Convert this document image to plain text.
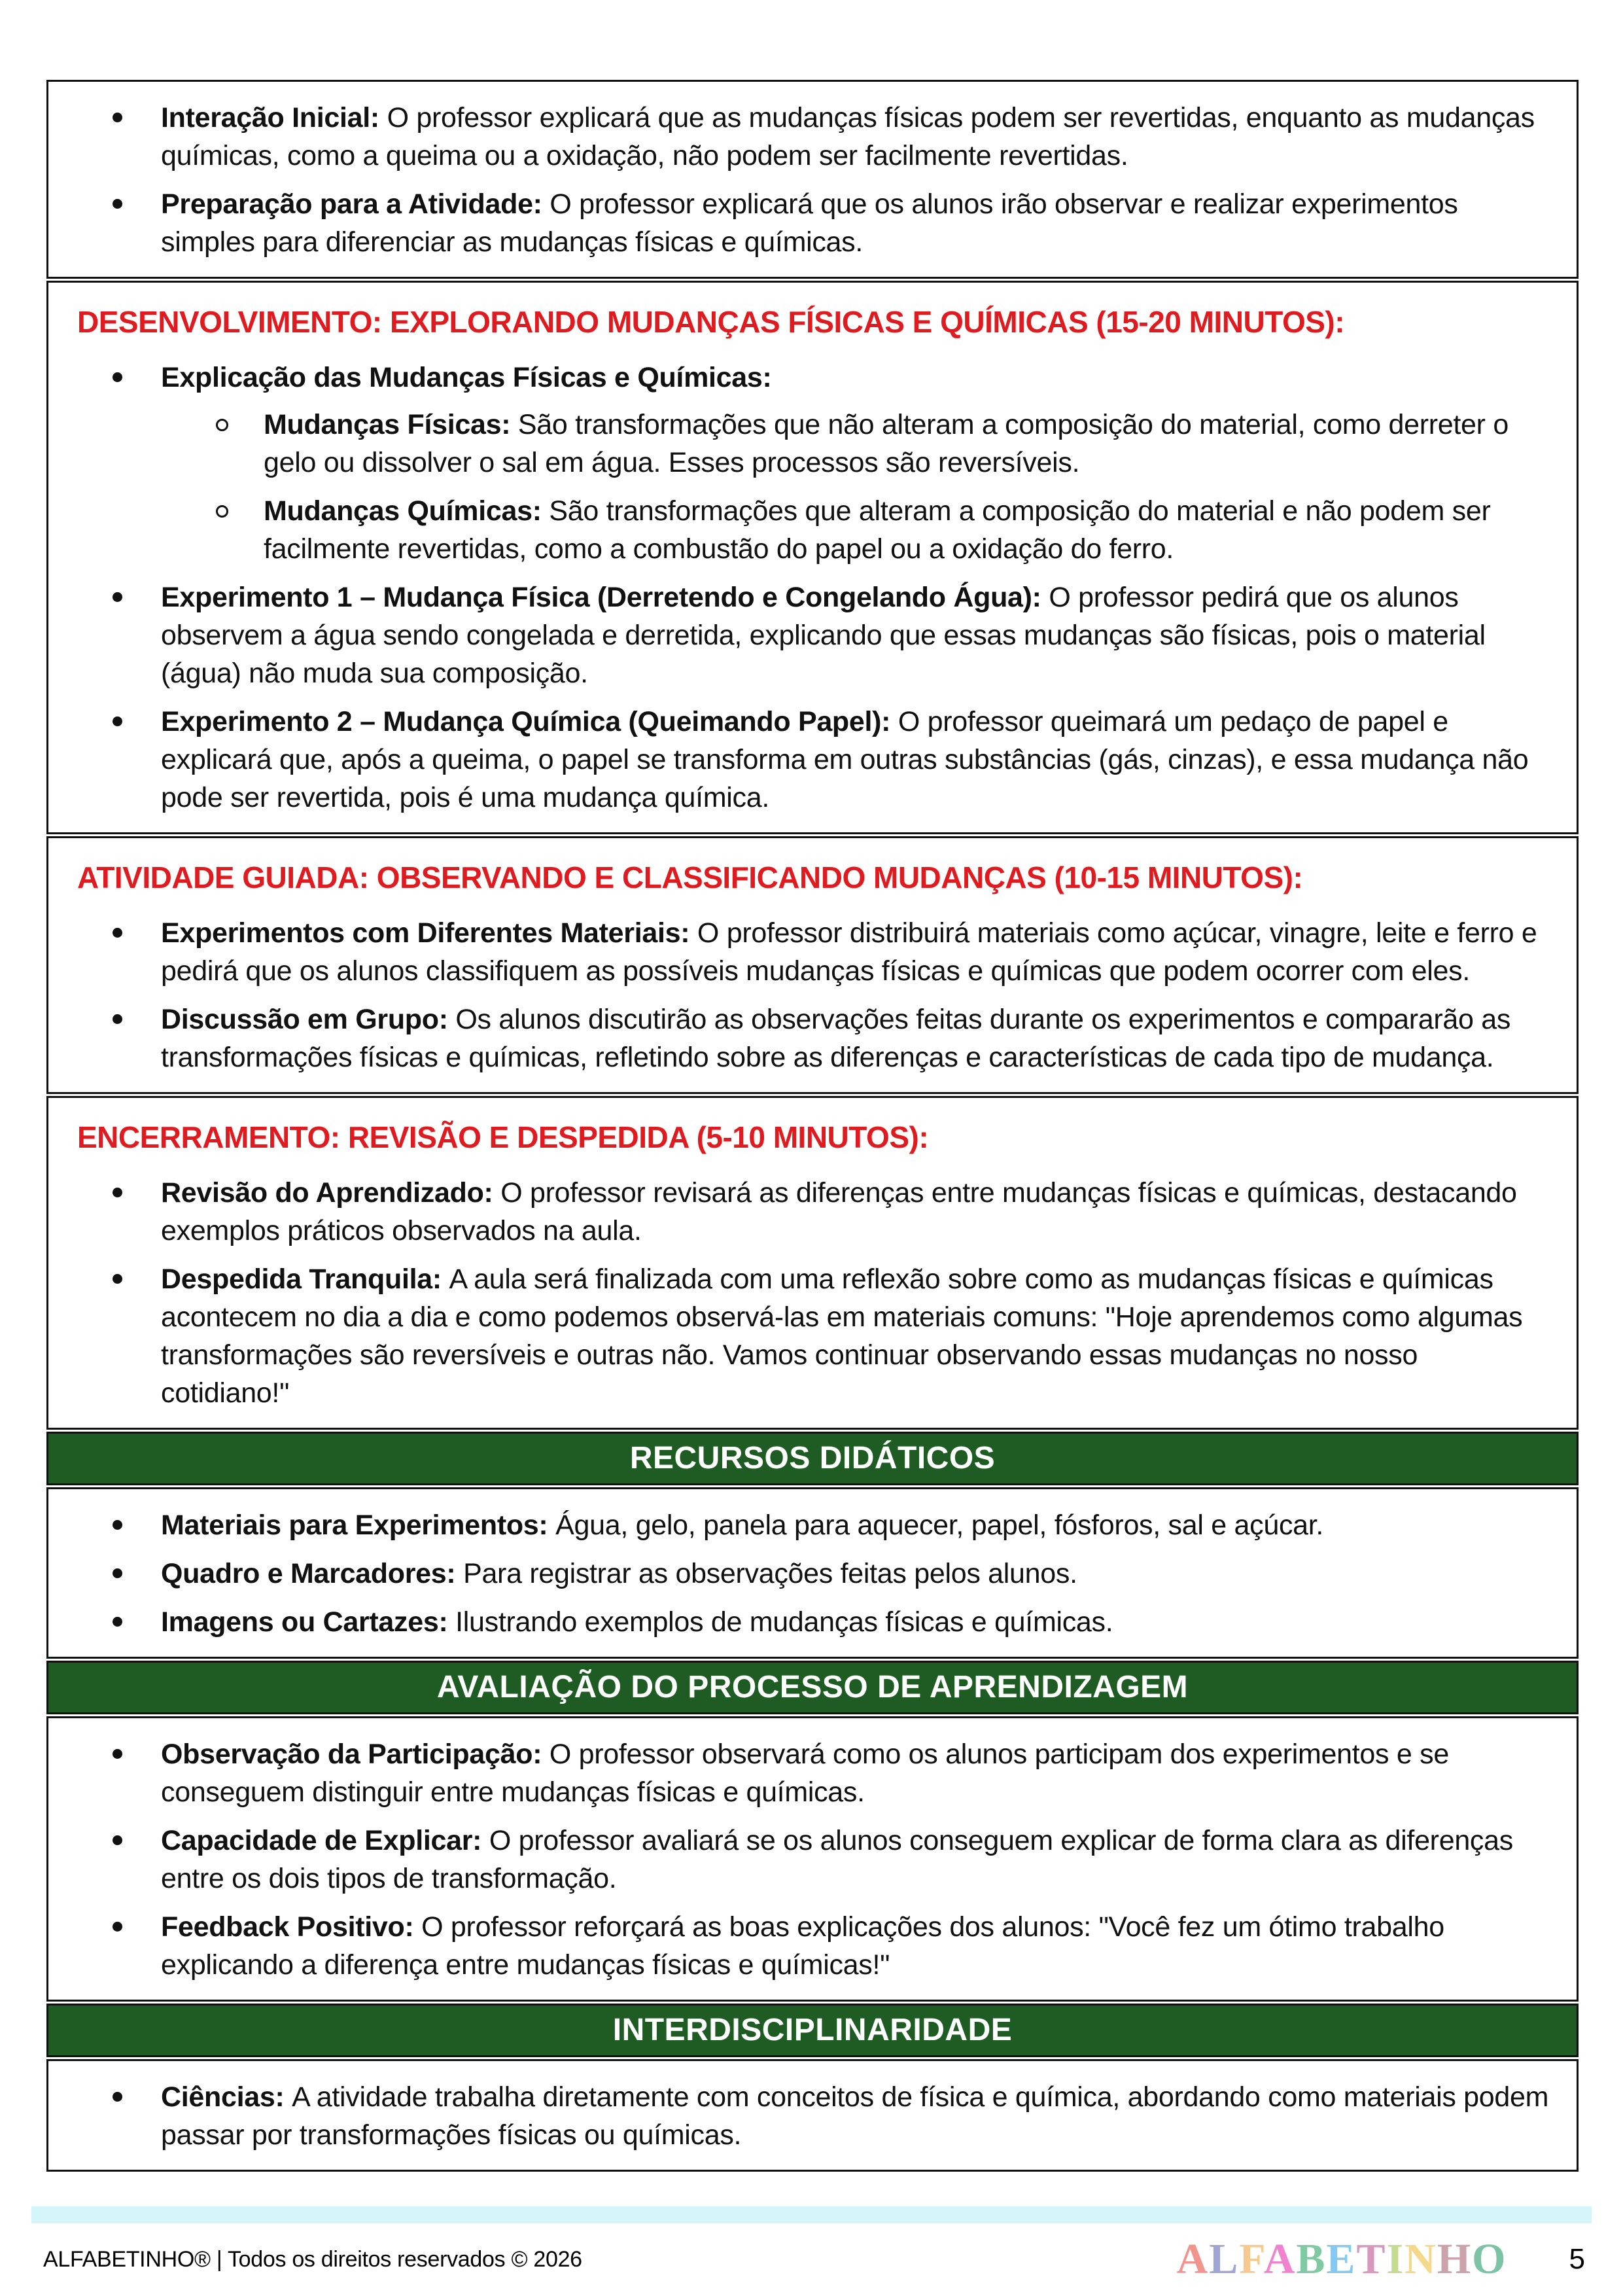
Interação Inicial: O professor explicará que as mudanças físicas podem ser revertidas, enquanto as mudanças químicas, como a queima ou a oxidação, não podem ser facilmente revertidas.
Preparação para a Atividade: O professor explicará que os alunos irão observar e realizar experimentos simples para diferenciar as mudanças físicas e químicas.
DESENVOLVIMENTO: EXPLORANDO MUDANÇAS FÍSICAS E QUÍMICAS (15-20 MINUTOS):
Explicação das Mudanças Físicas e Químicas:
Mudanças Físicas: São transformações que não alteram a composição do material, como derreter o gelo ou dissolver o sal em água. Esses processos são reversíveis.
Mudanças Químicas: São transformações que alteram a composição do material e não podem ser facilmente revertidas, como a combustão do papel ou a oxidação do ferro.
Experimento 1 – Mudança Física (Derretendo e Congelando Água): O professor pedirá que os alunos observem a água sendo congelada e derretida, explicando que essas mudanças são físicas, pois o material (água) não muda sua composição.
Experimento 2 – Mudança Química (Queimando Papel): O professor queimará um pedaço de papel e explicará que, após a queima, o papel se transforma em outras substâncias (gás, cinzas), e essa mudança não pode ser revertida, pois é uma mudança química.
ATIVIDADE GUIADA: OBSERVANDO E CLASSIFICANDO MUDANÇAS (10-15 MINUTOS):
Experimentos com Diferentes Materiais: O professor distribuirá materiais como açúcar, vinagre, leite e ferro e pedirá que os alunos classifiquem as possíveis mudanças físicas e químicas que podem ocorrer com eles.
Discussão em Grupo: Os alunos discutirão as observações feitas durante os experimentos e compararão as transformações físicas e químicas, refletindo sobre as diferenças e características de cada tipo de mudança.
ENCERRAMENTO: REVISÃO E DESPEDIDA (5-10 MINUTOS):
Revisão do Aprendizado: O professor revisará as diferenças entre mudanças físicas e químicas, destacando exemplos práticos observados na aula.
Despedida Tranquila: A aula será finalizada com uma reflexão sobre como as mudanças físicas e químicas acontecem no dia a dia e como podemos observá-las em materiais comuns: "Hoje aprendemos como algumas transformações são reversíveis e outras não. Vamos continuar observando essas mudanças no nosso cotidiano!"
RECURSOS DIDÁTICOS
Materiais para Experimentos: Água, gelo, panela para aquecer, papel, fósforos, sal e açúcar.
Quadro e Marcadores: Para registrar as observações feitas pelos alunos.
Imagens ou Cartazes: Ilustrando exemplos de mudanças físicas e químicas.
AVALIAÇÃO DO PROCESSO DE APRENDIZAGEM
Observação da Participação: O professor observará como os alunos participam dos experimentos e se conseguem distinguir entre mudanças físicas e químicas.
Capacidade de Explicar: O professor avaliará se os alunos conseguem explicar de forma clara as diferenças entre os dois tipos de transformação.
Feedback Positivo: O professor reforçará as boas explicações dos alunos: "Você fez um ótimo trabalho explicando a diferença entre mudanças físicas e químicas!"
INTERDISCIPLINARIDADE
Ciências: A atividade trabalha diretamente com conceitos de física e química, abordando como materiais podem passar por transformações físicas ou químicas.
ALFABETINHO® | Todos os direitos reservados © 2026	ALFABETINHO 5
